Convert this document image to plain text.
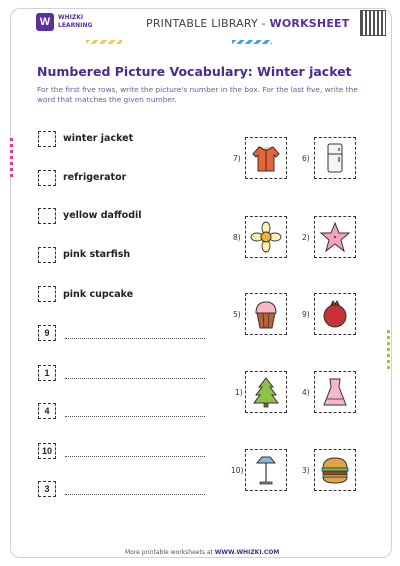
W	WHIZKI
LEARNING	PRINTABLE LIBRARY - WORKSHEET
Numbered Picture Vocabulary: Winter jacket
For the first five rows, write the picture's number in the box. For the last five, write the word that matches the given number.
winter jacket
refrigerator
yellow daffodil
pink starfish
pink cupcake
9
1
4
10
3
7)	6)
8)	2)
5)	9)
1)	4)
10)	3)
More printable worksheets at WWW.WHIZKI.COM
